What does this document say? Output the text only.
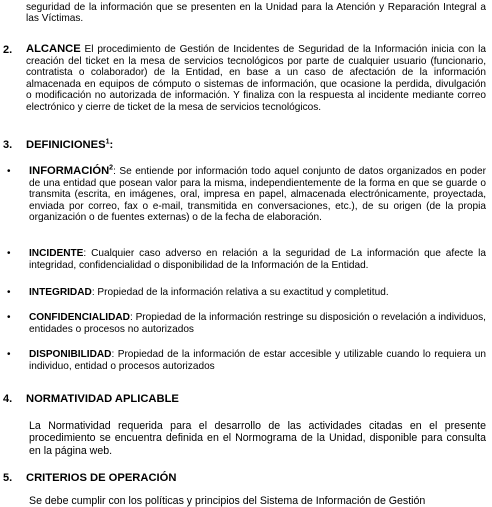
seguridad de la información que se presenten en la Unidad para la Atención y Reparación Integral a las Víctimas.

2.	ALCANCE El procedimiento de Gestión de Incidentes de Seguridad de la Información inicia con la creación del ticket en la mesa de servicios tecnológicos por parte de cualquier usuario (funcionario, contratista o colaborador) de la Entidad, en base a un caso de afectación de la información almacenada en equipos de cómputo o sistemas de información, que ocasione la perdida, divulgación o modificación no autorizada de información. Y finaliza con la respuesta al incidente mediante correo electrónico y cierre de ticket de la mesa de servicios tecnológicos.

3.	DEFINICIONES$^1$:
• INFORMACIÓN$^2$: Se entiende por información todo aquel conjunto de datos organizados en poder de una entidad que posean valor para la misma, independientemente de la forma en que se guarde o transmita (escrita, en imágenes, oral, impresa en papel, almacenada electrónicamente, proyectada, enviada por correo, fax o e-mail, transmitida en conversaciones, etc.), de su origen (de la propia organización o de fuentes externas) o de la fecha de elaboración.

• INCIDENTE: Cualquier caso adverso en relación a la seguridad de La información que afecte la integridad, confidencialidad o disponibilidad de la Información de la Entidad.

• INTEGRIDAD: Propiedad de la información relativa a su exactitud y completitud.

• CONFIDENCIALIDAD: Propiedad de la información restringe su disposición o revelación a individuos, entidades o procesos no autorizados

• DISPONIBILIDAD: Propiedad de la información de estar accesible y utilizable cuando lo requiera un individuo, entidad o procesos autorizados

4.	NORMATIVIDAD APLICABLE

La Normatividad requerida para el desarrollo de las actividades citadas en el presente procedimiento se encuentra definida en el Normograma de la Unidad, disponible para consulta en la página web.

5.	CRITERIOS DE OPERACIÓN

Se debe cumplir con los políticas y principios del Sistema de Información de Gestión
